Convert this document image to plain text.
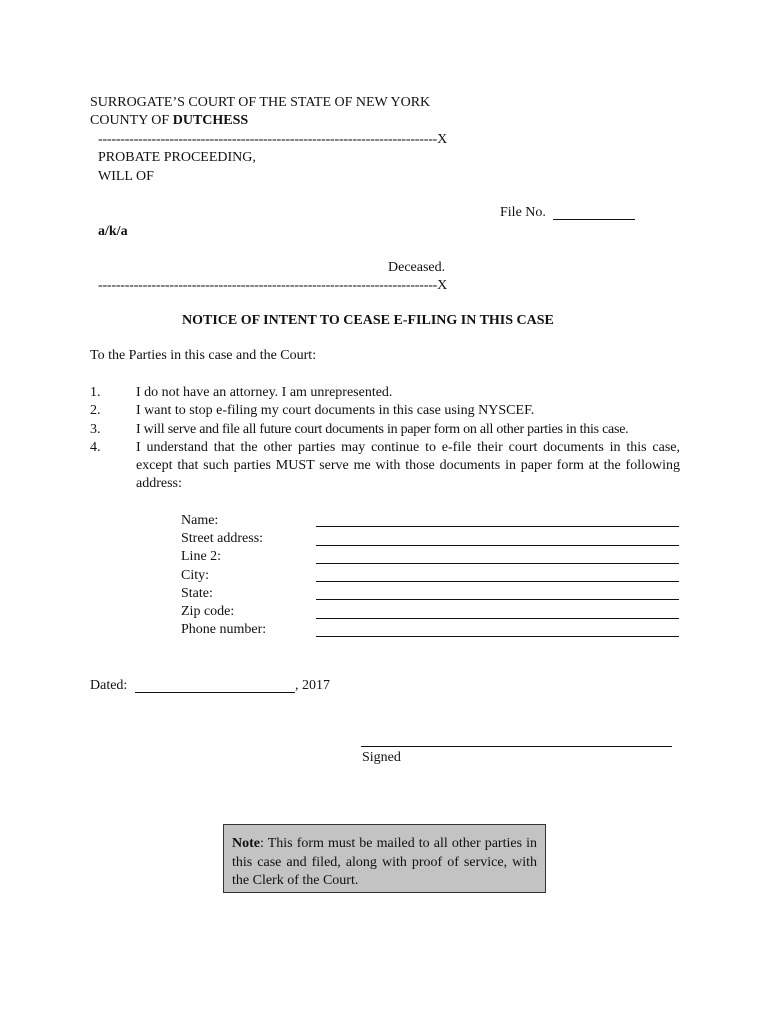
SURROGATE’S COURT OF THE STATE OF NEW YORK
COUNTY OF DUTCHESS
----------------------------------------------------------------------------X
PROBATE PROCEEDING,
WILL OF
File No.
a/k/a
Deceased.
----------------------------------------------------------------------------X
NOTICE OF INTENT TO CEASE E-FILING IN THIS CASE
To the Parties in this case and the Court:
1.	I do not have an attorney. I am unrepresented.
2.	I want to stop e-filing my court documents in this case using NYSCEF.
3.	I will serve and file all future court documents in paper form on all other parties in this case.
4.	I understand that the other parties may continue to e-file their court documents in this case, except that such parties MUST serve me with those documents in paper form at the following address:
Name:
Street address:
Line 2:
City:
State:
Zip code:
Phone number:
Dated:	, 2017
Signed
Note: This form must be mailed to all other parties in this case and filed, along with proof of service, with the Clerk of the Court.
